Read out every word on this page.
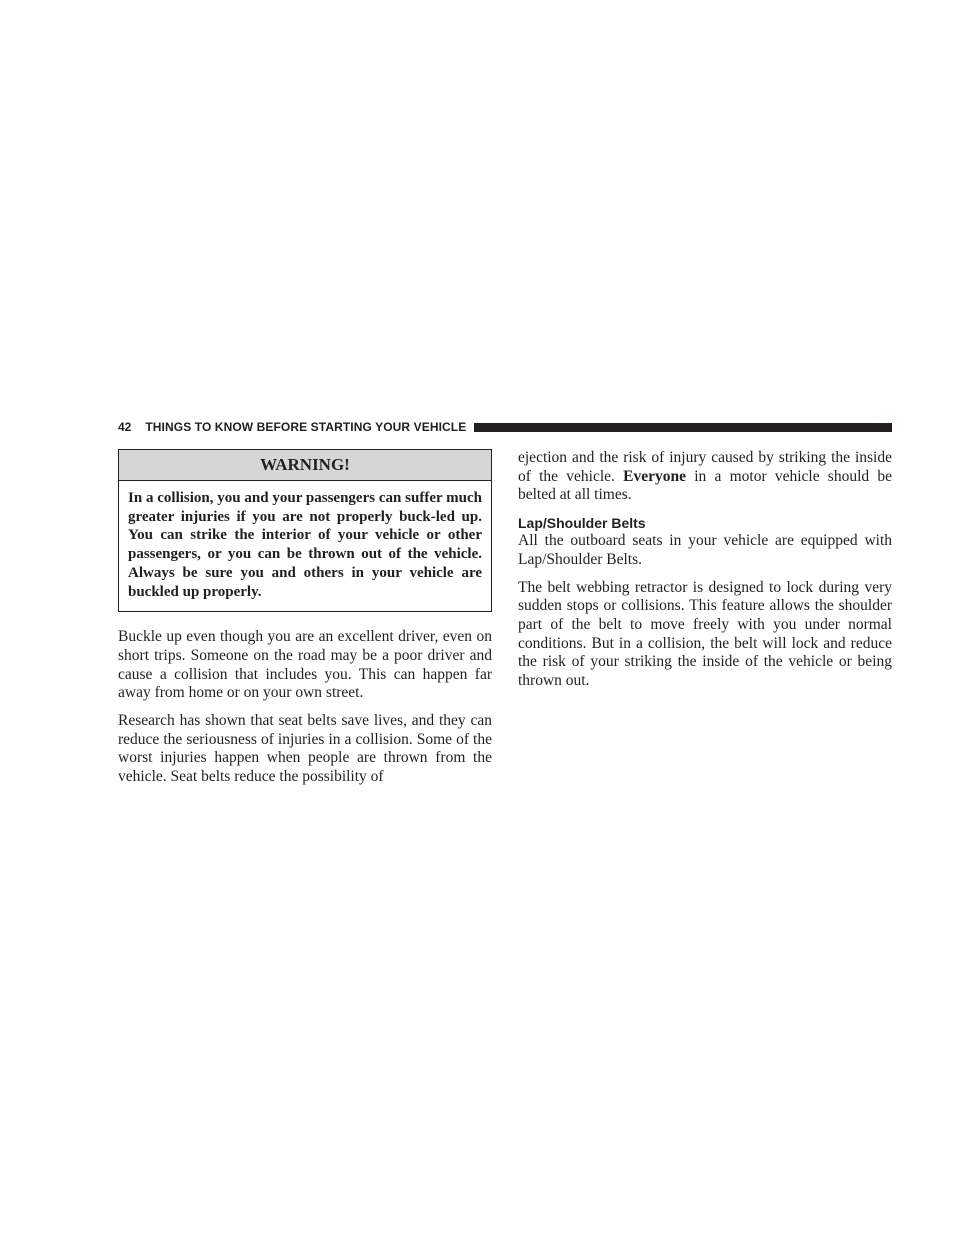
42 THINGS TO KNOW BEFORE STARTING YOUR VEHICLE
WARNING!
In a collision, you and your passengers can suffer much greater injuries if you are not properly buck-led up. You can strike the interior of your vehicle or other passengers, or you can be thrown out of the vehicle. Always be sure you and others in your vehicle are buckled up properly.

Buckle up even though you are an excellent driver, even on short trips. Someone on the road may be a poor driver and cause a collision that includes you. This can happen far away from home or on your own street.

Research has shown that seat belts save lives, and they can reduce the seriousness of injuries in a collision. Some of the worst injuries happen when people are thrown from the vehicle. Seat belts reduce the possibility of

ejection and the risk of injury caused by striking the inside of the vehicle. Everyone in a motor vehicle should be belted at all times.

Lap/Shoulder Belts

All the outboard seats in your vehicle are equipped with Lap/Shoulder Belts.

The belt webbing retractor is designed to lock during very sudden stops or collisions. This feature allows the shoulder part of the belt to move freely with you under normal conditions. But in a collision, the belt will lock and reduce the risk of your striking the inside of the vehicle or being thrown out.
